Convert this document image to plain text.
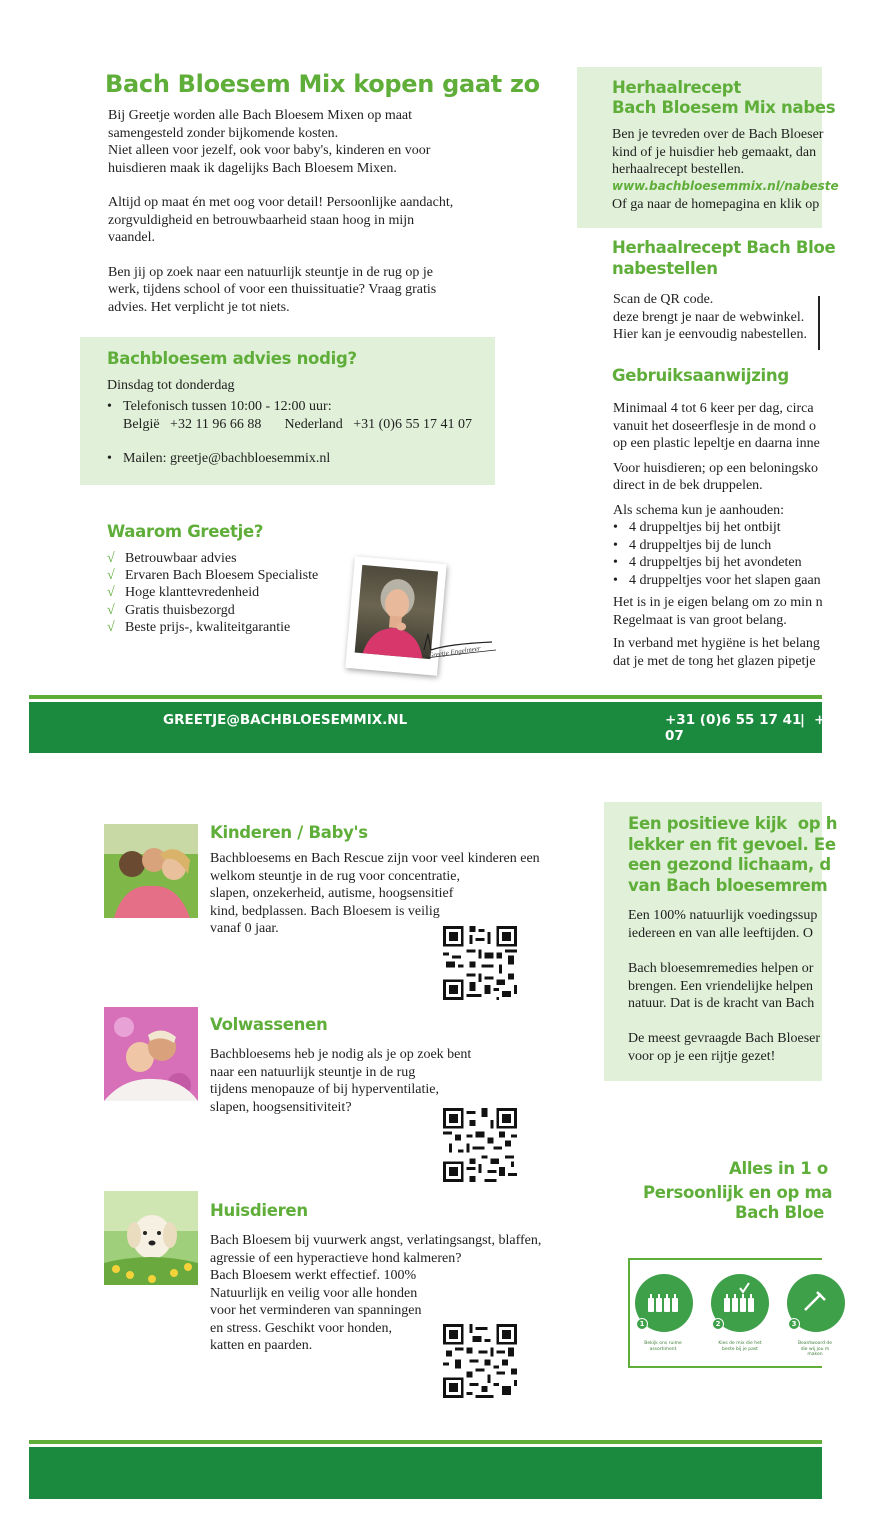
Bach Bloesem Mix kopen gaat zo

Bij Greetje worden alle Bach Bloesem Mixen op maat
samengesteld zonder bijkomende kosten.
Niet alleen voor jezelf, ook voor baby's, kinderen en voor
huisdieren maak ik dagelijks Bach Bloesem Mixen.

Altijd op maat én met oog voor detail! Persoonlijke aandacht,
zorgvuldigheid en betrouwbaarheid staan hoog in mijn
vaandel.

Ben jij op zoek naar een natuurlijk steuntje in de rug op je
werk, tijdens school of voor een thuissituatie? Vraag gratis
advies. Het verplicht je tot niets.

Bachbloesem advies nodig?
Dinsdag tot donderdag
• Telefonisch tussen 10:00 - 12:00 uur:
België +32 11 96 66 88 Nederland +31 (0)6 55 17 41 07
• Mailen: greetje@bachbloesemmix.nl
Waarom Greetje?
√ Betrouwbaar advies
√ Ervaren Bach Bloesem Specialiste
√ Hoge klanttevredenheid
√ Gratis thuisbezorgd
√ Beste prijs-, kwaliteitgarantie
Greetje Engelmeer
Herhaalrecept
Bach Bloesem Mix nabes
Ben je tevreden over de Bach Bloeser
kind of je huisdier heb gemaakt, dan
herhaalrecept bestellen.
www.bachbloesemmix.nl/nabeste
Of ga naar de homepagina en klik op
Herhaalrecept Bach Bloe
nabestellen
Scan de QR code.
deze brengt je naar de webwinkel.
Hier kan je eenvoudig nabestellen.
Gebruiksaanwijzing
Minimaal 4 tot 6 keer per dag, circa
vanuit het doseerflesje in de mond o
op een plastic lepeltje en daarna inne
Voor huisdieren; op een beloningsko
direct in de bek druppelen.
Als schema kun je aanhouden:
• 4 druppeltjes bij het ontbijt
• 4 druppeltjes bij de lunch
• 4 druppeltjes bij het avondeten
• 4 druppeltjes voor het slapen gaan
Het is in je eigen belang om zo min n
Regelmaat is van groot belang.
In verband met hygiëne is het belang
dat je met de tong het glazen pipetje
GREETJE@BACHBLOESEMMIX.NL	+31 (0)6 55 17 41 07
| +
Kinderen / Baby's
Bachbloesems en Bach Rescue zijn voor veel kinderen een
welkom steuntje in de rug voor concentratie,
slapen, onzekerheid, autisme, hoogsensitief
kind, bedplassen. Bach Bloesem is veilig
vanaf 0 jaar.
Volwassenen
Bachbloesems heb je nodig als je op zoek bent
naar een natuurlijk steuntje in de rug
tijdens menopauze of bij hyperventilatie,
slapen, hoogsensitiviteit?
Huisdieren
Bach Bloesem bij vuurwerk angst, verlatingsangst, blaffen,
agressie of een hyperactieve hond kalmeren?
Bach Bloesem werkt effectief. 100%
Natuurlijk en veilig voor alle honden
voor het verminderen van spanningen
en stress. Geschikt voor honden,
katten en paarden.
Een positieve kijk  op h
lekker en fit gevoel. Ee
een gezond lichaam, d
van Bach bloesemrem
Een 100% natuurlijk voedingssup
iedereen en van alle leeftijden. O
Bach bloesemremedies helpen or
brengen. Een vriendelijke helpen
natuur. Dat is de kracht van Bach
De meest gevraagde Bach Bloeser
voor op je een rijtje gezet!
Alles in 1 o
Persoonlijk en op ma
Bach Bloe
1
Bekijk ons ruime
assortiment
2
Kies de mix die het
beste bij je past
3
Beantwoord de
die wij jou m
maken
